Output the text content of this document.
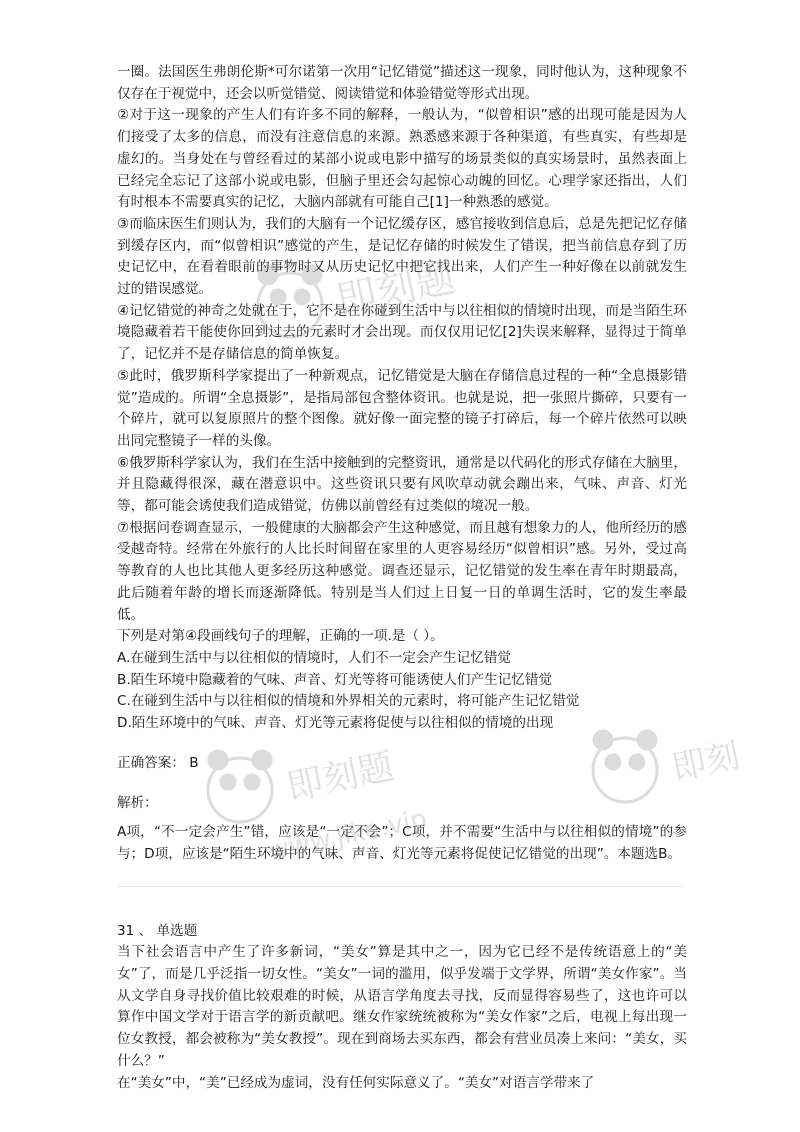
一圈。法国医生弗朗伦斯*可尔诺第一次用“记忆错觉”描述这一现象，同时他认为，这种现象不仅存在于视觉中，还会以听觉错觉、阅读错觉和体验错觉等形式出现。

②对于这一现象的产生人们有许多不同的解释，一般认为，“似曾相识”感的出现可能是因为人们接受了太多的信息，而没有注意信息的来源。熟悉感来源于各种渠道，有些真实，有些却是虚幻的。当身处在与曾经看过的某部小说或电影中描写的场景类似的真实场景时，虽然表面上已经完全忘记了这部小说或电影，但脑子里还会勾起惊心动魄的回忆。心理学家还指出，人们有时根本不需要真实的记忆，大脑内部就有可能自己[1]一种熟悉的感觉。

③而临床医生们则认为，我们的大脑有一个记忆缓存区，感官接收到信息后，总是先把记忆存储到缓存区内，而“似曾相识”感觉的产生，是记忆存储的时候发生了错误，把当前信息存到了历史记忆中，在看着眼前的事物时又从历史记忆中把它找出来，人们产生一种好像在以前就发生过的错误感觉。

④记忆错觉的神奇之处就在于，它不是在你碰到生活中与以往相似的情境时出现，而是当陌生环境隐藏着若干能使你回到过去的元素时才会出现。而仅仅用记忆[2]失误来解释，显得过于简单了，记忆并不是存储信息的简单恢复。

⑤此时，俄罗斯科学家提出了一种新观点，记忆错觉是大脑在存储信息过程的一种“全息摄影错觉”造成的。所谓“全息摄影”，是指局部包含整体资讯。也就是说，把一张照片撕碎，只要有一个碎片，就可以复原照片的整个图像。就好像一面完整的镜子打碎后，每一个碎片依然可以映出同完整镜子一样的头像。

⑥俄罗斯科学家认为，我们在生活中接触到的完整资讯，通常是以代码化的形式存储在大脑里，并且隐藏得很深，藏在潜意识中。这些资讯只要有风吹草动就会蹦出来，气味、声音、灯光等，都可能会诱使我们造成错觉，仿佛以前曾经有过类似的境况一般。

⑦根据问卷调查显示，一般健康的大脑都会产生这种感觉，而且越有想象力的人，他所经历的感受越奇特。经常在外旅行的人比长时间留在家里的人更容易经历“似曾相识”感。另外，受过高等教育的人也比其他人更多经历这种感觉。调查还显示，记忆错觉的发生率在青年时期最高，此后随着年龄的增长而逐渐降低。特别是当人们过上日复一日的单调生活时，它的发生率最低。

下列是对第④段画线句子的理解，正确的一项.是（ ）。

A.在碰到生活中与以往相似的情境时，人们不一定会产生记忆错觉

B.陌生环境中隐藏着的气味、声音、灯光等将可能诱使人们产生记忆错觉

C.在碰到生活中与以往相似的情境和外界相关的元素时，将可能产生记忆错觉

D.陌生环境中的气味、声音、灯光等元素将促使与以往相似的情境的出现

正确答案： B

解析：

A项，“不一定会产生”错，应该是“一定不会”；C项，并不需要“生活中与以往相似的情境”的参与；D项，应该是“陌生环境中的气味、声音、灯光等元素将促使记忆错觉的出现”。本题选B。

31 、 单选题

当下社会语言中产生了许多新词，“美女”算是其中之一，因为它已经不是传统语意上的“美女”了，而是几乎泛指一切女性。“美女”一词的滥用，似乎发端于文学界，所谓“美女作家”。当从文学自身寻找价值比较艰难的时候，从语言学角度去寻找，反而显得容易些了，这也许可以算作中国文学对于语言学的新贡献吧。继女作家统统被称为“美女作家”之后，电视上每出现一位女教授，都会被称为“美女教授”。现在到商场去买东西，都会有营业员凑上来问：“美女，买什么？”

在“美女”中，“美”已经成为虚词，没有任何实际意义了。“美女”对语言学带来了

即刻题
即刻题
www.jike.vip
即刻
